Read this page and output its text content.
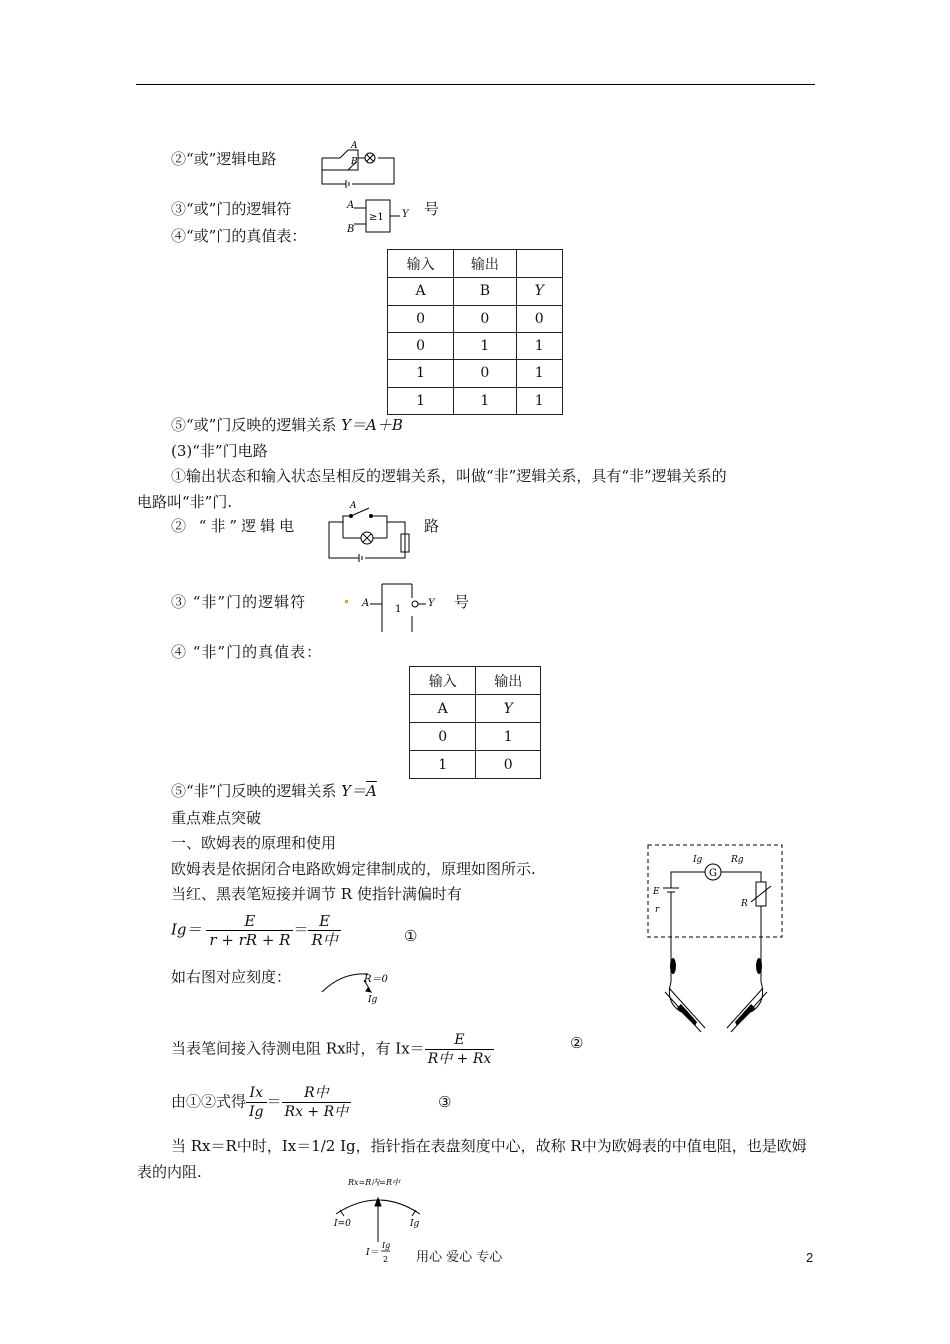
②“或”逻辑电路
A
B
③“或”门的逻辑符	≥1
A
B
Y 号
④“或”门的真值表：
输入	输出	
A	B	Y
0	0	0
0	1	1
1	0	1
1	1	1
⑤“或”门反映的逻辑关系 Y＝A＋B
(3)“非”门电路
①输出状态和输入状态呈相反的逻辑关系，叫做“非”逻辑关系，具有“非”逻辑关系的
电路叫“非”门.
② “非”逻辑电
A
路
③ “非”门的逻辑符	1
A	Y 号
④ “非”门的真值表：
输入	输出
A	Y
0	1
1	0
⑤“非”门反映的逻辑关系 $Y=\overline{A}$
重点难点突破
一、欧姆表的原理和使用
欧姆表是依据闭合电路欧姆定律制成的，原理如图所示.
当红、黑表笔短接并调节 R 使指针满偏时有
$Ig= \frac{E}{r + rR + R} = \frac{E}{\text{R中}}$	①
如右图对应刻度：	R＝0
Ig
当表笔间接入待测电阻 Rx时，有 $Ix= \frac{E}{\text{R中 + Rx}}$	②
由①②式得 $\frac{Ix}{Ig} = \frac{\text{R中}}{\text{Rx + R中}}$	③
当 Rx＝R中时，Ix＝1/2 Ig，指针指在表盘刻度中心，故称 R中为欧姆表的中值电阻，也是欧姆
表的内阻.
Rx=R内=R中
I=0	Ig
I＝
Ig
2
G
Ig	Rg
E
r
R
用心 爱心 专心	2
